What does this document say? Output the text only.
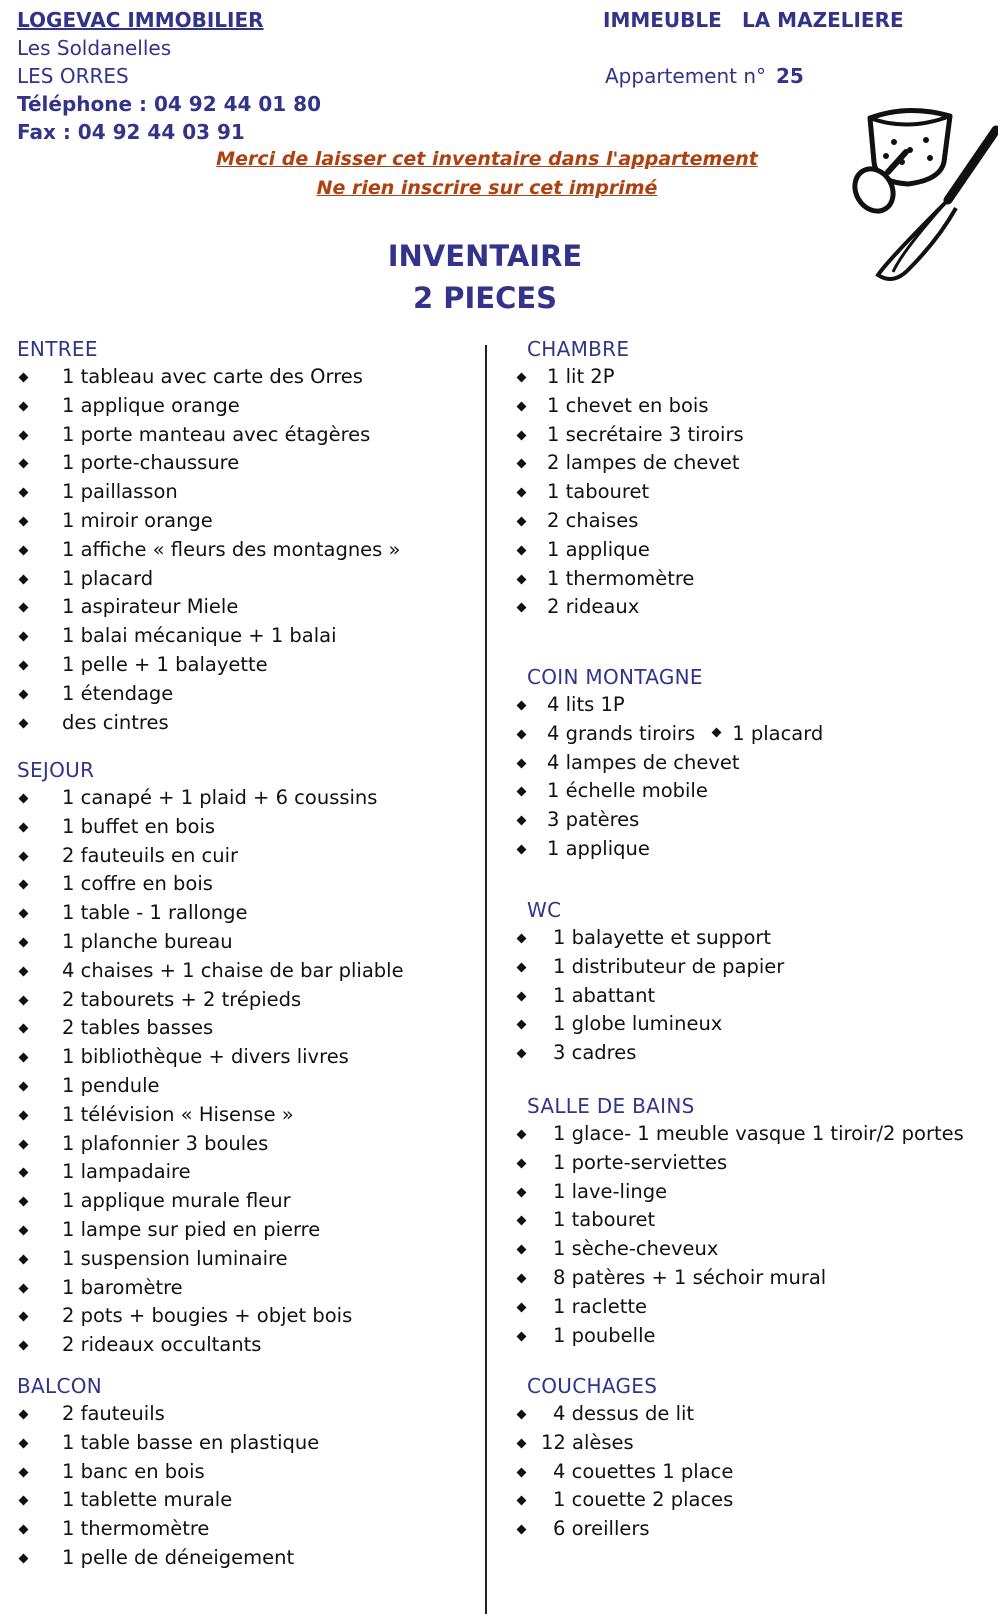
LOGEVAC IMMOBILIER
Les Soldanelles
LES ORRES
Téléphone : 04 92 44 01 80
Fax : 04 92 44 03 91
IMMEUBLE LA MAZELIERE
Appartement n° 25
Merci de laisser cet inventaire dans l'appartement
Ne rien inscrire sur cet imprimé
INVENTAIRE
2 PIECES
ENTREE
1 tableau avec carte des Orres
1 applique orange
1 porte manteau avec étagères
1 porte-chaussure
1 paillasson
1 miroir orange
1 affiche « fleurs des montagnes »
1 placard
1 aspirateur Miele
1 balai mécanique + 1 balai
1 pelle + 1 balayette
1 étendage
des cintres
SEJOUR
1 canapé + 1 plaid + 6 coussins
1 buffet en bois
2 fauteuils en cuir
1 coffre en bois
1 table - 1 rallonge
1 planche bureau
4 chaises + 1 chaise de bar pliable
2 tabourets + 2 trépieds
2 tables basses
1 bibliothèque + divers livres
1 pendule
1 télévision « Hisense »
1 plafonnier 3 boules
1 lampadaire
1 applique murale fleur
1 lampe sur pied en pierre
1 suspension luminaire
1 baromètre
2 pots + bougies + objet bois
2 rideaux occultants
BALCON
2 fauteuils
1 table basse en plastique
1 banc en bois
1 tablette murale
1 thermomètre
1 pelle de déneigement
CHAMBRE
1 lit 2P
1 chevet en bois
1 secrétaire 3 tiroirs
2 lampes de chevet
1 tabouret
2 chaises
1 applique
1 thermomètre
2 rideaux
COIN MONTAGNE
4 lits 1P
4 grands tiroirs 1 placard
4 lampes de chevet
1 échelle mobile
3 patères
1 applique
WC
1 balayette et support
1 distributeur de papier
1 abattant
1 globe lumineux
3 cadres
SALLE DE BAINS
1 glace- 1 meuble vasque 1 tiroir/2 portes
1 porte-serviettes
1 lave-linge
1 tabouret
1 sèche-cheveux
8 patères + 1 séchoir mural
1 raclette
1 poubelle
COUCHAGES
4 dessus de lit
12 alèses
4 couettes 1 place
1 couette 2 places
6 oreillers
